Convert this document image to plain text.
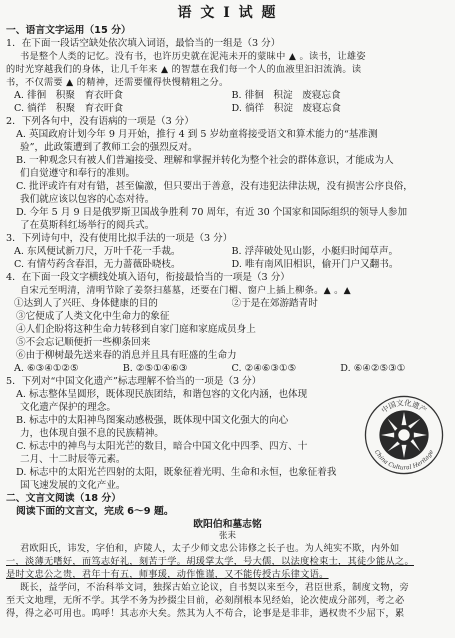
语 文 Ⅰ 试 题
一、语言文字运用（15 分）
1．在下面一段话空缺处依次填入词语，最恰当的一组是（3 分）
书是整个人类的记忆。没有书，也许历史就在泥沌未开的蒙昧中 ▲ 。读书，让雄姿
的时光穿越我们的身体，让几千年来 ▲ 的智慧在我们每一个人的血液里汩汩流淌。读
书，不仅需要 ▲ 的精神，还需要懂得快慢精粗之分。
A. 徘徊　积聚　育衣旰食	B. 徘徊　积淀　废寝忘食
C. 徜徉　积聚　育衣旰食	D. 徜徉　积淀　废寝忘食
2．下列各句中，没有语病的一项是（3 分）
A. 英国政府计划今年 9 月开始，推行 4 到 5 岁幼童将接受语文和算术能力的“基准测
验”，此政策遭到了教师工会的强烈反对。
B. 一种观念只有被人们普遍接受、理解和掌握并转化为整个社会的群体意识，才能成为人
们自觉遵守和奉行的准则。
C. 批评或许有对有错，甚至偏激，但只要出于善意，没有违犯法律法规，没有损害公序良俗，
我们就应该以包容的心态对待。
D. 今年 5 月 9 日是俄罗斯卫国战争胜利 70 周年，有近 30 个国家和国际组织的领导人参加
了在莫斯科红场举行的阅兵式。
3．下列诗句中，没有使用比拟手法的一项是（3 分）
A. 东风便试新刀尺，万叶千花一手裁。	B. 浮萍破处见山影，小艇归时闻草声。
C. 有情芍药含春泪，无力蔷薇卧晓枝。	D. 唯有南风旧相识，偷开门户又翻书。
4．在下面一段文字横线处填入语句，衔接最恰当的一项是（3 分）
自宋元至明清，清明节除了姜祭扫墓墓，还要在门楣、窗户上插上柳条。▲ 。▲
①达到人了兴旺、身体健康的目的	②于是在郊游踏青时
③它便成了人类文化中生命力的象征
④人们企盼将这种生命力转移到自家门庭和家庭成员身上
⑤不会忘记顺便折一些柳条回来
⑥由于柳树最先送来春的消息并且具有旺盛的生命力
A. ⑥③④①②⑤	B. ②⑤①④⑥③	C. ②④⑥③①⑤	D. ⑥④②⑤③①
5．下列对“中国文化遗产”标志理解不恰当的一项是（3 分）
A. 标志整体呈圆形，既体现民族团结，和谐包容的文化内涵，也体现
文化遗产保护的理念。
B. 标志中的太阳神鸟图案动感极强，既体现中国文化强大的向心
力，也体现自强不息的民族精神。
C. 标志中的神鸟与太阳光芒的数目，暗合中国文化中四季、四方、十
二月、十二时辰等元素。
D. 标志中的太阳光芒四射的太阳，既象征着光明、生命和永恒，也象征着我
国飞速发展的文化产业。
中国文化遗产
China Cultural Heritage
二、文言文阅读（18 分）
阅读下面的文言文，完成 6～9 题。
欧阳伯和墓志铭
张耒
君欧阳氏，讳发，字伯和，庐陵人，太子少师文忠公讳修之长子也。为人纯实不欺，内外如
一，淡薄无嗜好，而笃志好礼，刻苦于学。胡瑗掌太学，号大儒，以法度检束士，其徒少能从之。
是时文忠公之贵，君年十有五，师事瑗，动作惟谨，又不能传授古乐律文语。
既长，益学问，不治科举文词，独探古始立论议，自书契以来至今，君臣世系，制度文物，旁
至天文地理，无所不学。其学不务为抄掇尘目前，必刻削根本见经始，论次使成分部列，考之必
得，得之必可用也。呜呼！其志亦大矣。然其为人不苟合，论事是是非非，遇权贵不少屈下，累
